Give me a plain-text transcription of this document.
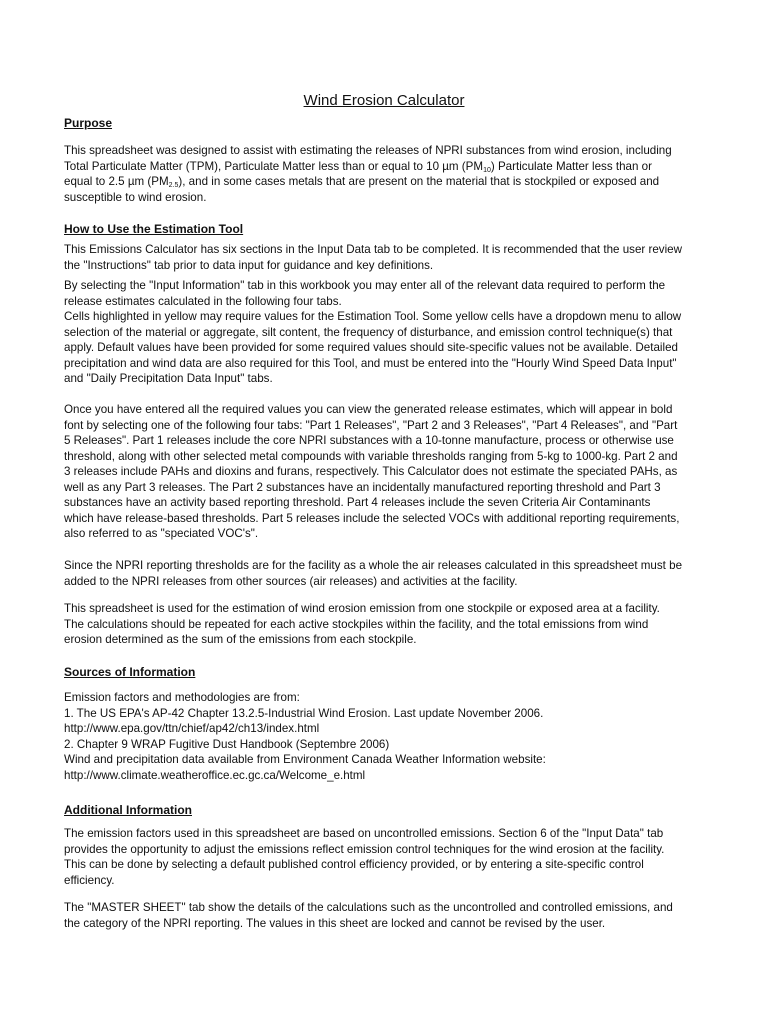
Wind Erosion Calculator
Purpose

This spreadsheet was designed to assist with estimating the releases of NPRI substances from wind erosion, including
Total Particulate Matter (TPM), Particulate Matter less than or equal to 10 µm $(PM_{10})$ Particulate Matter less than or
equal to 2.5 µm $(PM_{2.5})$, and in some cases metals that are present on the material that is stockpiled or exposed and
susceptible to wind erosion.

How to Use the Estimation Tool

This Emissions Calculator has six sections in the Input Data tab to be completed. It is recommended that the user review
the "Instructions" tab prior to data input for guidance and key definitions.

By selecting the "Input Information" tab in this workbook you may enter all of the relevant data required to perform the
release estimates calculated in the following four tabs.
Cells highlighted in yellow may require values for the Estimation Tool. Some yellow cells have a dropdown menu to allow
selection of the material or aggregate, silt content, the frequency of disturbance, and emission control technique(s) that
apply. Default values have been provided for some required values should site-specific values not be available. Detailed
precipitation and wind data are also required for this Tool, and must be entered into the "Hourly Wind Speed Data Input"
and "Daily Precipitation Data Input" tabs.

Once you have entered all the required values you can view the generated release estimates, which will appear in bold
font by selecting one of the following four tabs: "Part 1 Releases", "Part 2 and 3 Releases", "Part 4 Releases", and "Part
5 Releases". Part 1 releases include the core NPRI substances with a 10-tonne manufacture, process or otherwise use
threshold, along with other selected metal compounds with variable thresholds ranging from 5-kg to 1000-kg. Part 2 and
3 releases include PAHs and dioxins and furans, respectively. This Calculator does not estimate the speciated PAHs, as
well as any Part 3 releases. The Part 2 substances have an incidentally manufactured reporting threshold and Part 3
substances have an activity based reporting threshold. Part 4 releases include the seven Criteria Air Contaminants
which have release-based thresholds. Part 5 releases include the selected VOCs with additional reporting requirements,
also referred to as "speciated VOC's".

Since the NPRI reporting thresholds are for the facility as a whole the air releases calculated in this spreadsheet must be
added to the NPRI releases from other sources (air releases) and activities at the facility.

This spreadsheet is used for the estimation of wind erosion emission from one stockpile or exposed area at a facility.
The calculations should be repeated for each active stockpiles within the facility, and the total emissions from wind
erosion determined as the sum of the emissions from each stockpile.

Sources of Information

Emission factors and methodologies are from:
1. The US EPA's AP-42 Chapter 13.2.5-Industrial Wind Erosion. Last update November 2006.
http://www.epa.gov/ttn/chief/ap42/ch13/index.html
2. Chapter 9 WRAP Fugitive Dust Handbook (Septembre 2006)

Wind and precipitation data available from Environment Canada Weather Information website:
http://www.climate.weatheroffice.ec.gc.ca/Welcome_e.html

Additional Information

The emission factors used in this spreadsheet are based on uncontrolled emissions. Section 6 of the "Input Data" tab
provides the opportunity to adjust the emissions reflect emission control techniques for the wind erosion at the facility.
This can be done by selecting a default published control efficiency provided, or by entering a site-specific control
efficiency.

The "MASTER SHEET" tab show the details of the calculations such as the uncontrolled and controlled emissions, and
the category of the NPRI reporting. The values in this sheet are locked and cannot be revised by the user.
